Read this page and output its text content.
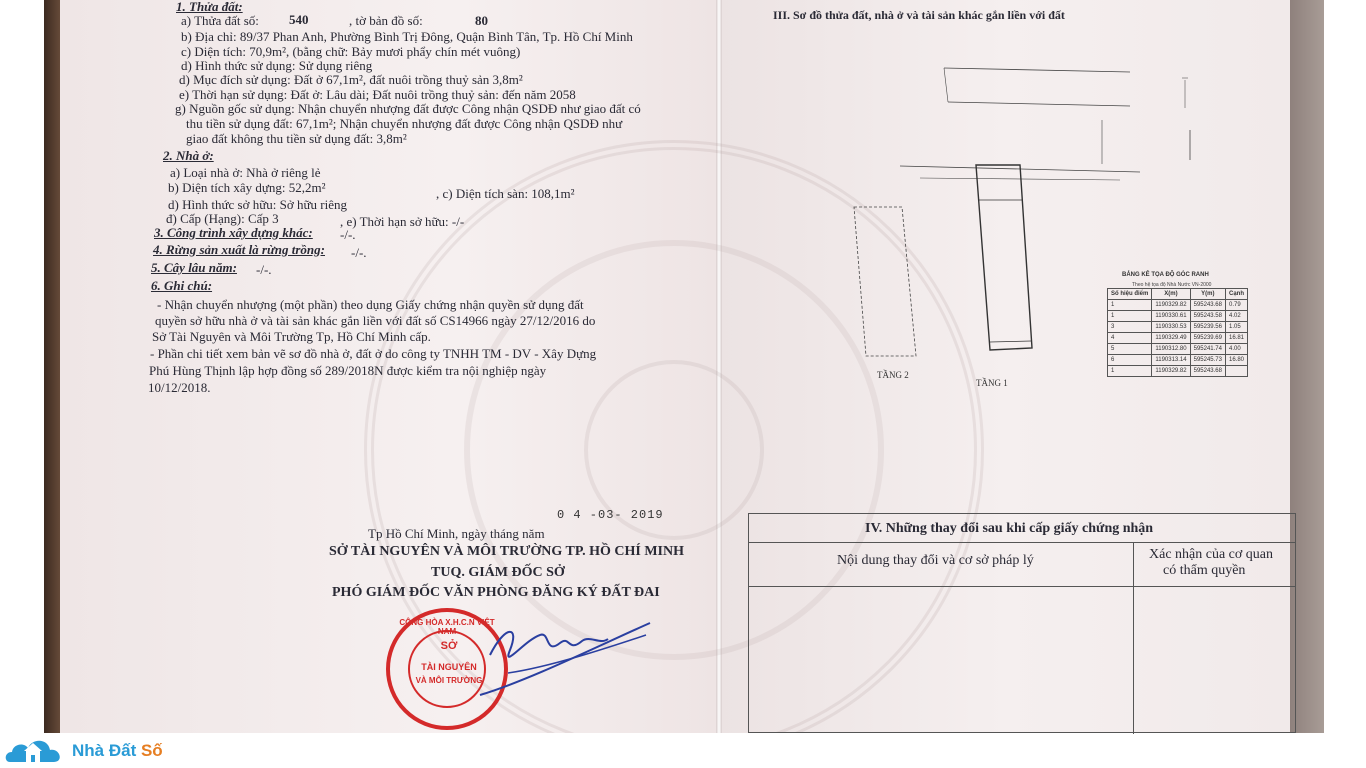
1. Thửa đất:
a) Thửa đất số: 540	, tờ bản đồ số:	80
b) Địa chỉ: 89/37 Phan Anh, Phường Bình Trị Đông, Quận Bình Tân, Tp. Hồ Chí Minh
c) Diện tích: 70,9m², (bằng chữ: Bảy mươi phẩy chín mét vuông)
d) Hình thức sử dụng: Sử dụng riêng
d) Mục đích sử dụng: Đất ở 67,1m², đất nuôi trồng thuỷ sản 3,8m²
e) Thời hạn sử dụng: Đất ở: Lâu dài; Đất nuôi trồng thuỷ sản: đến năm 2058
g) Nguồn gốc sử dụng: Nhận chuyển nhượng đất được Công nhận QSDĐ như giao đất có
thu tiền sử dụng đất: 67,1m²; Nhận chuyển nhượng đất được Công nhận QSDĐ như
giao đất không thu tiền sử dụng đất: 3,8m²
2. Nhà ở:
a) Loại nhà ở: Nhà ở riêng lẻ
b) Diện tích xây dựng: 52,2m²	, c) Diện tích sàn: 108,1m²
d) Hình thức sở hữu: Sở hữu riêng
đ) Cấp (Hạng): Cấp 3	, e) Thời hạn sở hữu: -/-
3. Công trình xây dựng khác: -/-.
4. Rừng sản xuất là rừng trồng: -/-.
5. Cây lâu năm: -/-.
6. Ghi chú:
- Nhận chuyển nhượng (một phần) theo dụng Giấy chứng nhận quyền sử dụng đất
quyền sở hữu nhà ở và tài sản khác gắn liền với đất số CS14966 ngày 27/12/2016 do
Sở Tài Nguyên và Môi Trường Tp, Hồ Chí Minh cấp.
- Phần chi tiết xem bản vẽ sơ đồ nhà ở, đất ở do công ty TNHH TM - DV - Xây Dựng
Phú Hùng Thịnh lập hợp đồng số 289/2018N được kiểm tra nội nghiệp ngày
10/12/2018.
0 4 -03- 2019
Tp Hồ Chí Minh, ngày tháng năm
SỞ TÀI NGUYÊN VÀ MÔI TRƯỜNG TP. HỒ CHÍ MINH
TUQ. GIÁM ĐỐC SỞ
PHÓ GIÁM ĐỐC VĂN PHÒNG ĐĂNG KÝ ĐẤT ĐAI
CỘNG HÒA X.H.C.N VIỆT NAM
SỞ
TÀI NGUYÊN
VÀ MÔI TRƯỜNG
III. Sơ đồ thửa đất, nhà ở và tài sản khác gắn liền với đất
TẦNG 2
TẦNG 1
BẢNG KÊ TỌA ĐỘ GÓC RANH
Theo hệ tọa độ Nhà Nước VN-2000
Số hiệu điểm	X(m)	Y(m)	Cạnh
1	1190329.82	595243.68	0.79
1	1190330.61	595243.58	4.02
3	1190330.53	595239.56	1.05
4	1190329.49	595239.69	16.81
5	1190312.80	595241.74	4.00
6	1190313.14	595245.73	16.80
1	1190329.82	595243.68	
IV. Những thay đổi sau khi cấp giấy chứng nhận
Nội dung thay đổi và cơ sở pháp lý	Xác nhận của cơ quan
có thẩm quyền
Nhà Đất Số
